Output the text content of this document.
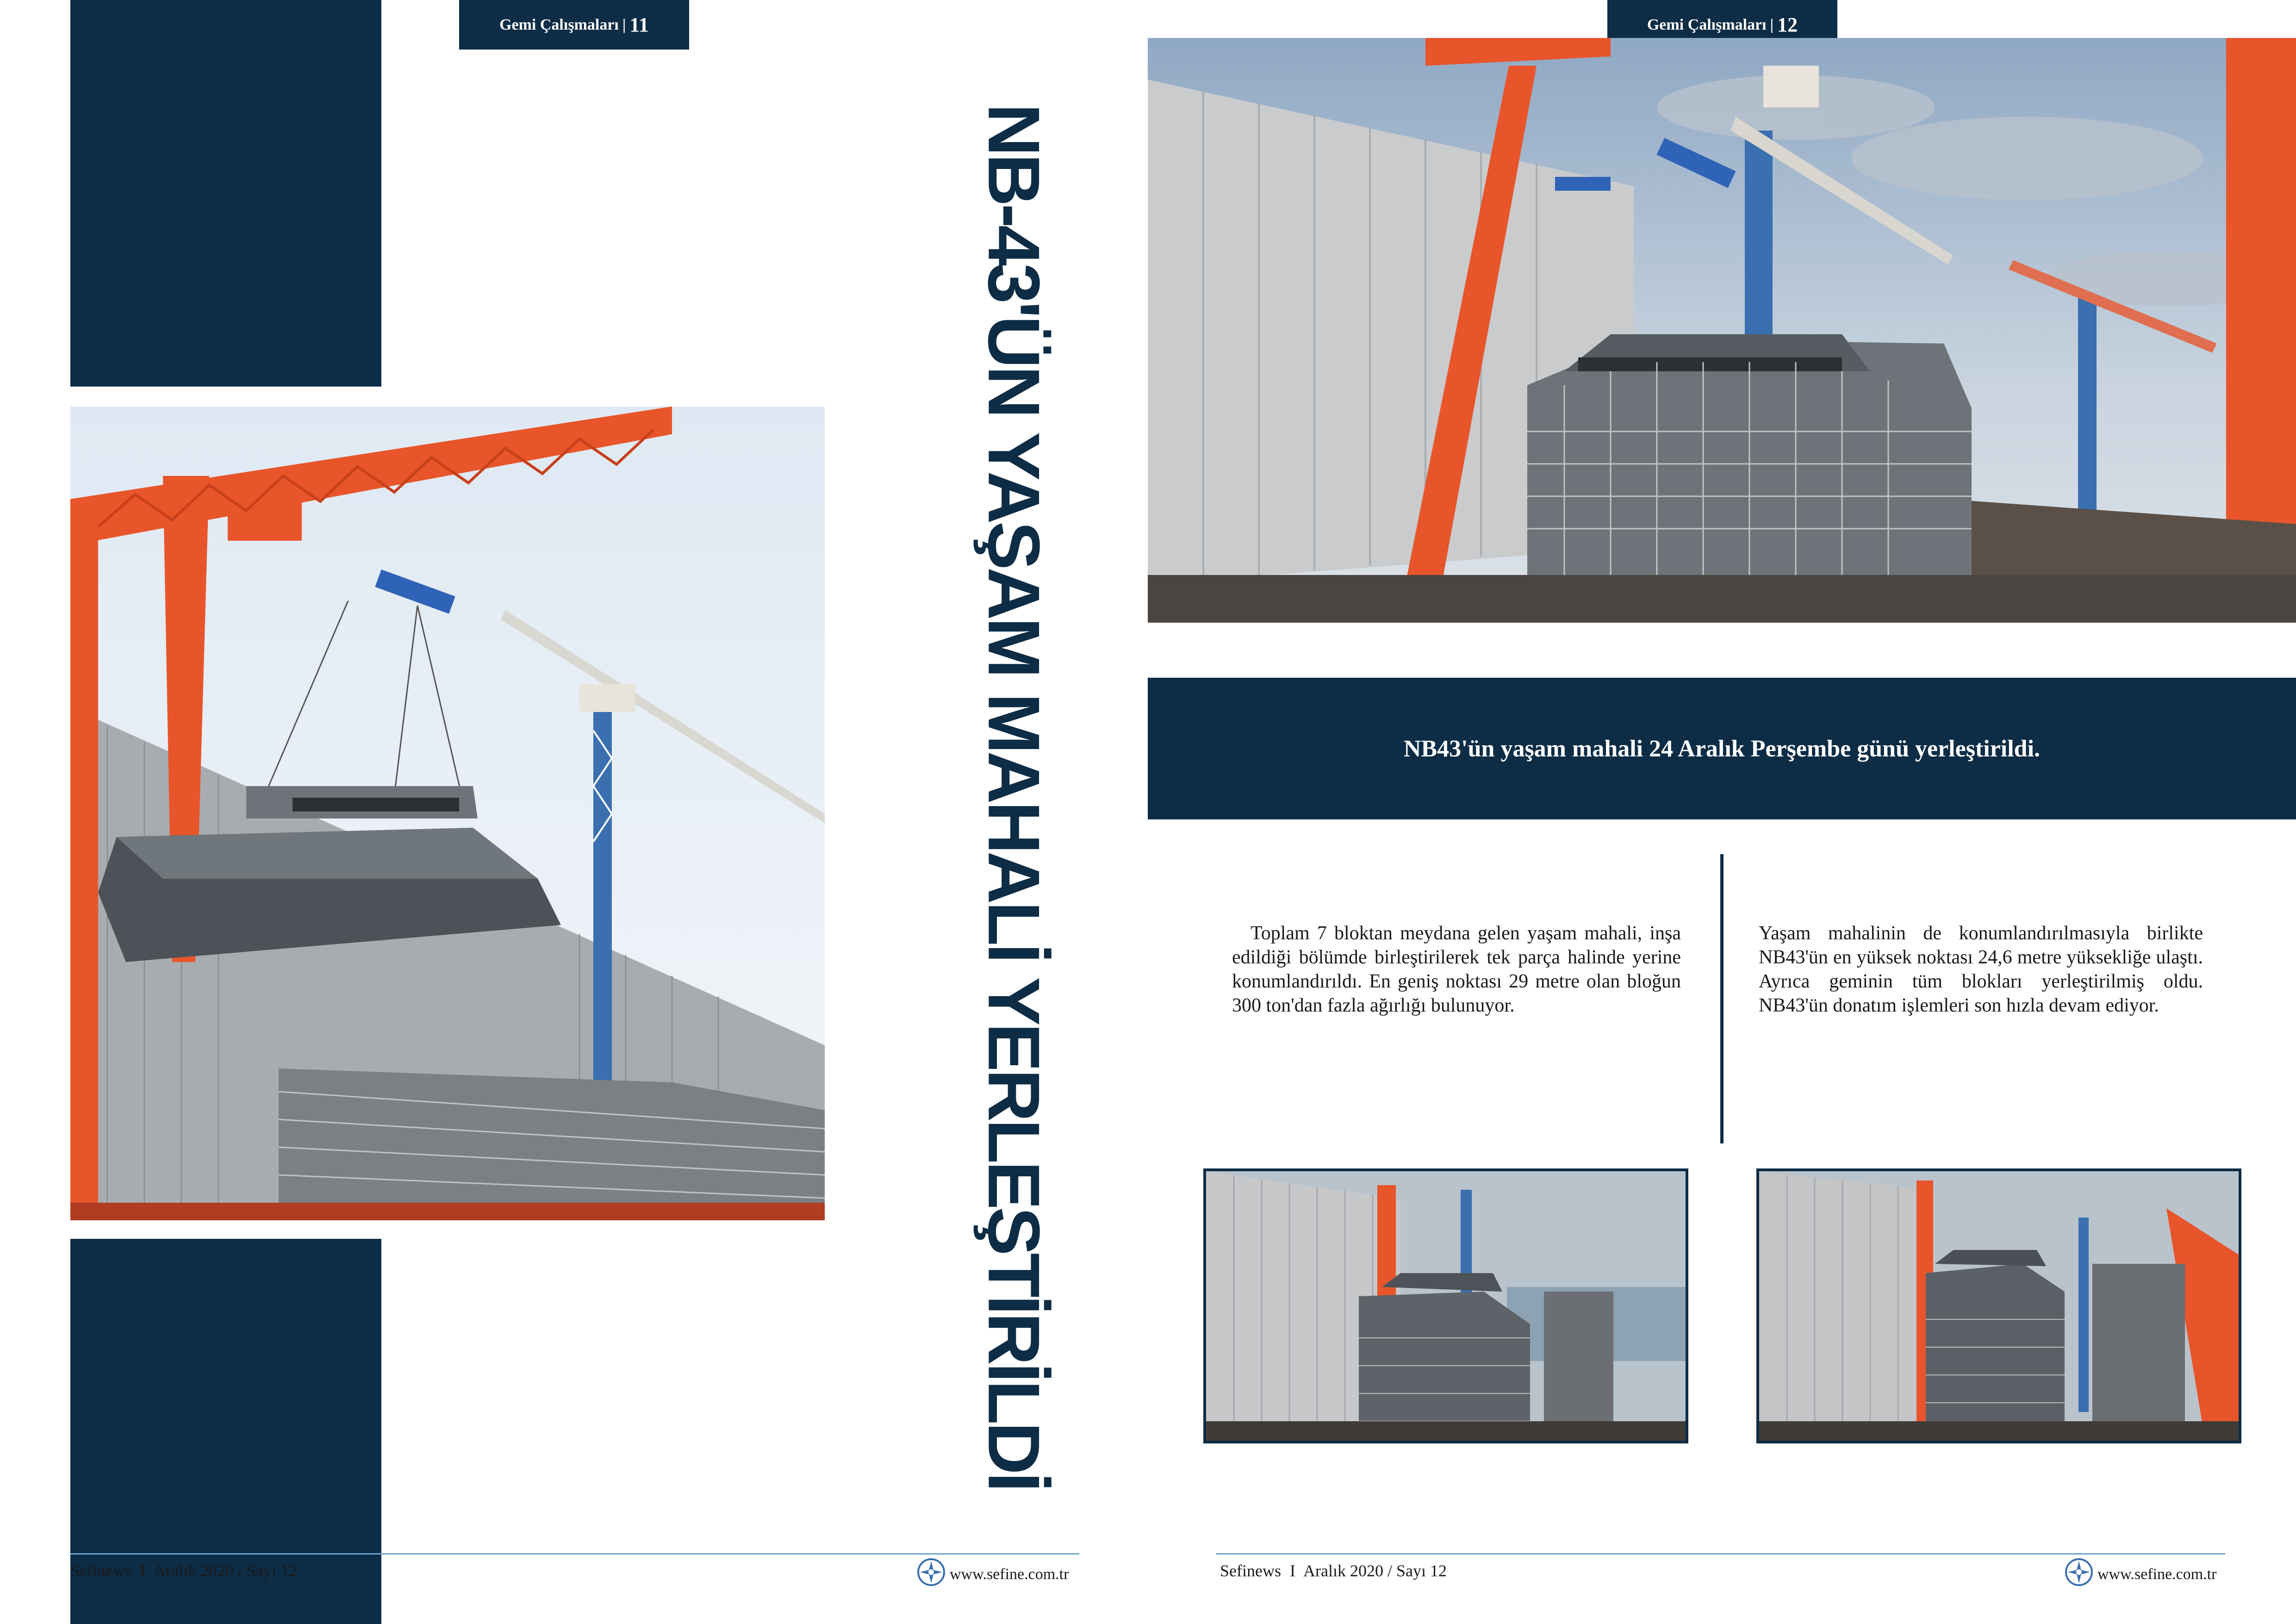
Gemi Çalışmaları | 11
NB-43'ÜN YAŞAM MAHALİ YERLEŞTİRİLDİ
Sefinews I Aralık 2020 / Sayı 12	www.sefine.com.tr
Gemi Çalışmaları | 12
NB43'ün yaşam mahali 24 Aralık Perşembe günü yerleştirildi.
Toplam 7 bloktan meydana gelen yaşam mahali, inşa edildiği bölümde birleştirilerek tek parça halinde yerine konumlandırıldı. En geniş noktası 29 metre olan bloğun 300 ton'dan fazla ağırlığı bulunuyor.
Yaşam mahalinin de konumlandırılmasıyla birlikte NB43'ün en yüksek noktası 24,6 metre yüksekliğe ulaştı. Ayrıca geminin tüm blokları yerleştirilmiş oldu. NB43'ün donatım işlemleri son hızla devam ediyor.
Sefinews I Aralık 2020 / Sayı 12	www.sefine.com.tr
